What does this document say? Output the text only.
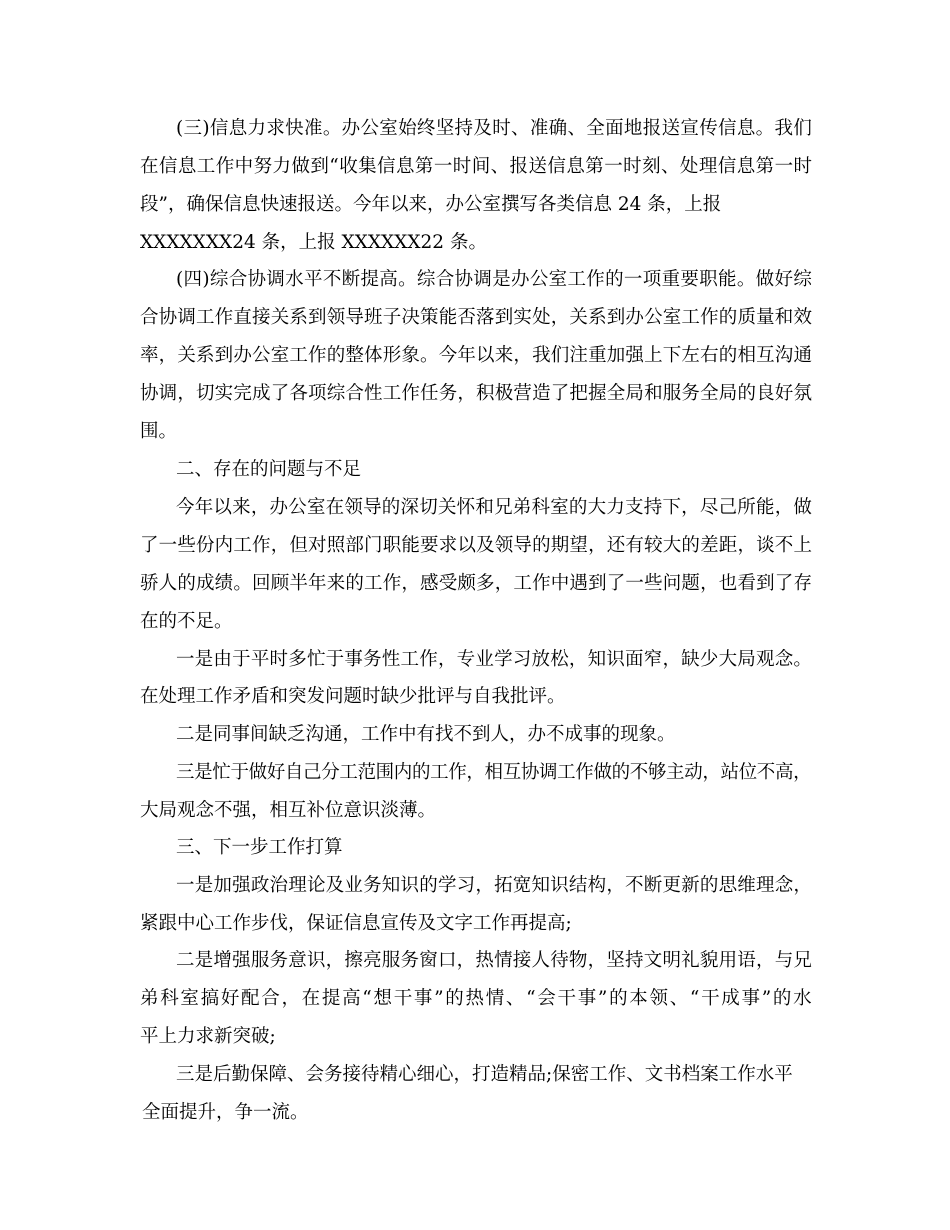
(三)信息力求快准。办公室始终坚持及时、准确、全面地报送宣传信息。我们
在信息工作中努力做到“收集信息第一时间、报送信息第一时刻、处理信息第一时
段”，确保信息快速报送。今年以来，办公室撰写各类信息 24 条，上报
XXXXXXX24 条，上报 XXXXXX22 条。
(四)综合协调水平不断提高。综合协调是办公室工作的一项重要职能。做好综
合协调工作直接关系到领导班子决策能否落到实处，关系到办公室工作的质量和效
率，关系到办公室工作的整体形象。今年以来，我们注重加强上下左右的相互沟通
协调，切实完成了各项综合性工作任务，积极营造了把握全局和服务全局的良好氛
围。
二、存在的问题与不足
今年以来，办公室在领导的深切关怀和兄弟科室的大力支持下，尽己所能，做
了一些份内工作，但对照部门职能要求以及领导的期望，还有较大的差距，谈不上
骄人的成绩。回顾半年来的工作，感受颇多，工作中遇到了一些问题，也看到了存
在的不足。
一是由于平时多忙于事务性工作，专业学习放松，知识面窄，缺少大局观念。
在处理工作矛盾和突发问题时缺少批评与自我批评。
二是同事间缺乏沟通，工作中有找不到人，办不成事的现象。
三是忙于做好自己分工范围内的工作，相互协调工作做的不够主动，站位不高，
大局观念不强，相互补位意识淡薄。
三、下一步工作打算
一是加强政治理论及业务知识的学习，拓宽知识结构，不断更新的思维理念，
紧跟中心工作步伐，保证信息宣传及文字工作再提高;
二是增强服务意识，擦亮服务窗口，热情接人待物，坚持文明礼貌用语，与兄
弟科室搞好配合，在提高“想干事”的热情、“会干事”的本领、“干成事”的水
平上力求新突破;
三是后勤保障、会务接待精心细心，打造精品;保密工作、文书档案工作水平
全面提升，争一流。
